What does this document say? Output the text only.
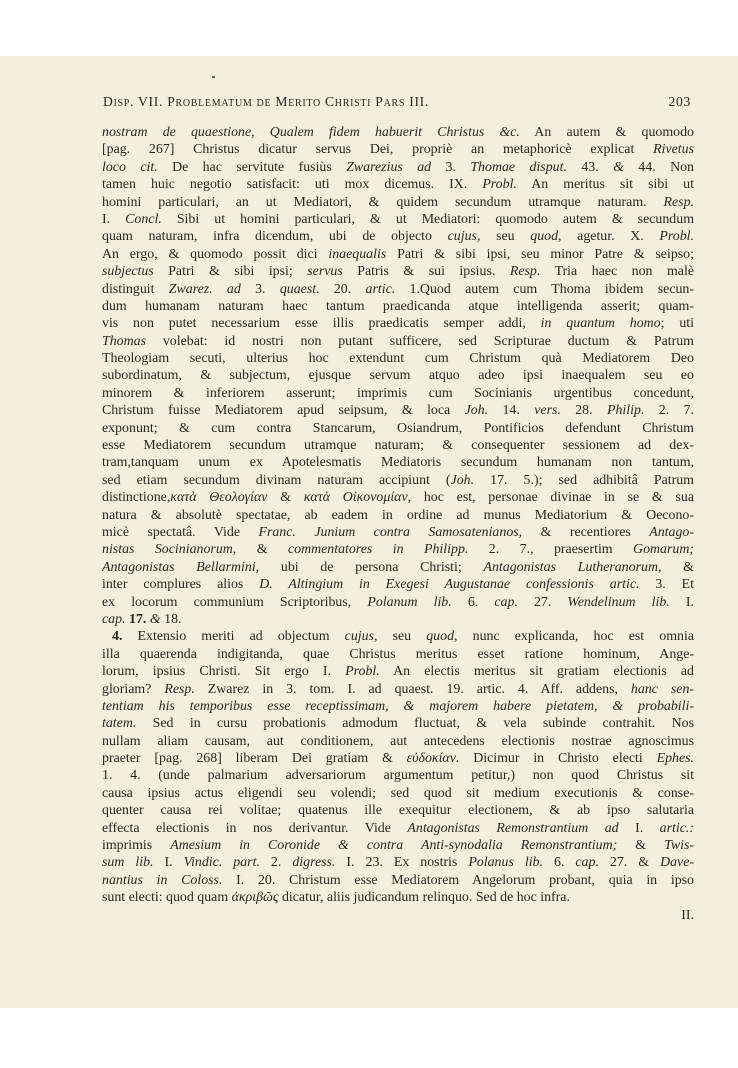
Disp. VII. Problematum de Merito Christi Pars III.	203
nostram de quaestione, Qualem fidem habuerit Christus &c. An autem & quomodo
[pag. 267] Christus dicatur servus Dei, propriè an metaphoricè explicat Rivetus
loco cit. De hac servitute fusiùs Zwarezius ad 3. Thomae disput. 43. & 44. Non
tamen huic negotio satisfacit: uti mox dicemus. IX. Probl. An meritus sit sibi ut
homini particulari, an ut Mediatori, & quidem secundum utramque naturam. Resp.
I. Concl. Sibi ut homini particulari, & ut Mediatori: quomodo autem & secundum
quam naturam, infra dicendum, ubi de objecto cujus, seu quod, agetur. X. Probl.
An ergo, & quomodo possit dici inaequalis Patri & sibi ipsi, seu minor Patre & seipso;
subjectus Patri & sibi ipsi; servus Patris & sui ipsius. Resp. Tria haec non malè
distinguit Zwarez. ad 3. quaest. 20. artic. 1.Quod autem cum Thoma ibidem secun-
dum humanam naturam haec tantum praedicanda atque intelligenda asserit; quam-
vis non putet necessarium esse illis praedicatis semper addi, in quantum homo; uti
Thomas volebat: id nostri non putant sufficere, sed Scripturae ductum & Patrum
Theologiam secuti, ulterius hoc extendunt cum Christum quà Mediatorem Deo
subordinatum, & subjectum, ejusque servum atquo adeo ipsi inaequalem seu eo
minorem & inferiorem asserunt; imprimis cum Socinianis urgentibus concedunt,
Christum fuisse Mediatorem apud seipsum, & loca Joh. 14. vers. 28. Philip. 2. 7.
exponunt; & cum contra Stancarum, Osiandrum, Pontificios defendunt Christum
esse Mediatorem secundum utramque naturam; & consequenter sessionem ad dex-
tram,tanquam unum ex Apotelesmatis Mediatoris secundum humanam non tantum,
sed etiam secundum divinam naturam accipiunt (Joh. 17. 5.); sed adhibitâ Patrum
distinctione,κατὰ Θεολογίαν & κατὰ Οἰκονομίαν, hoc est, personae divinae in se & sua
natura & absolutè spectatae, ab eadem in ordine ad munus Mediatorium & Oecono-
micè spectatâ. Vide Franc. Junium contra Samosatenianos, & recentiores Antago-
nistas Socinianorum, & commentatores in Philipp. 2. 7., praesertim Gomarum;
Antagonistas Bellarmini, ubi de persona Christi; Antagonistas Lutheranorum, &
inter complures alios D. Altingium in Exegesi Augustanae confessionis artic. 3. Et
ex locorum communium Scriptoribus, Polanum lib. 6. cap. 27. Wendelinum lib. I.
cap. 17. & 18.
4. Extensio meriti ad objectum cujus, seu quod, nunc explicanda, hoc est omnia
illa quaerenda indigitanda, quae Christus meritus esset ratione hominum, Ange-
lorum, ipsius Christi. Sit ergo I. Probl. An electis meritus sit gratiam electionis ad
gloriam? Resp. Zwarez in 3. tom. I. ad quaest. 19. artic. 4. Aff. addens, hanc sen-
tentiam his temporibus esse receptissimam, & majorem habere pietatem, & probabili-
tatem. Sed in cursu probationis admodum fluctuat, & vela subinde contrahit. Nos
nullam aliam causam, aut conditionem, aut antecedens electionis nostrae agnoscimus
praeter [pag. 268] liberam Dei gratiam & εὐδοκίαν. Dicimur in Christo electi Ephes.
1. 4. (unde palmarium adversariorum argumentum petitur,) non quod Christus sit
causa ipsius actus eligendi seu volendi; sed quod sit medium executionis & conse-
quenter causa rei volitae; quatenus ille exequitur electionem, & ab ipso salutaria
effecta electionis in nos derivantur. Vide Antagonistas Remonstrantium ad I. artic.:
imprimis Amesium in Coronide & contra Anti-synodalia Remonstrantium; & Twis-
sum lib. I. Vindic. part. 2. digress. I. 23. Ex nostris Polanus lib. 6. cap. 27. & Dave-
nantius in Coloss. I. 20. Christum esse Mediatorem Angelorum probant, quia in ipso
sunt electi: quod quam ἀκριβῶς dicatur, aliis judicandum relinquo. Sed de hoc infra.
II.
